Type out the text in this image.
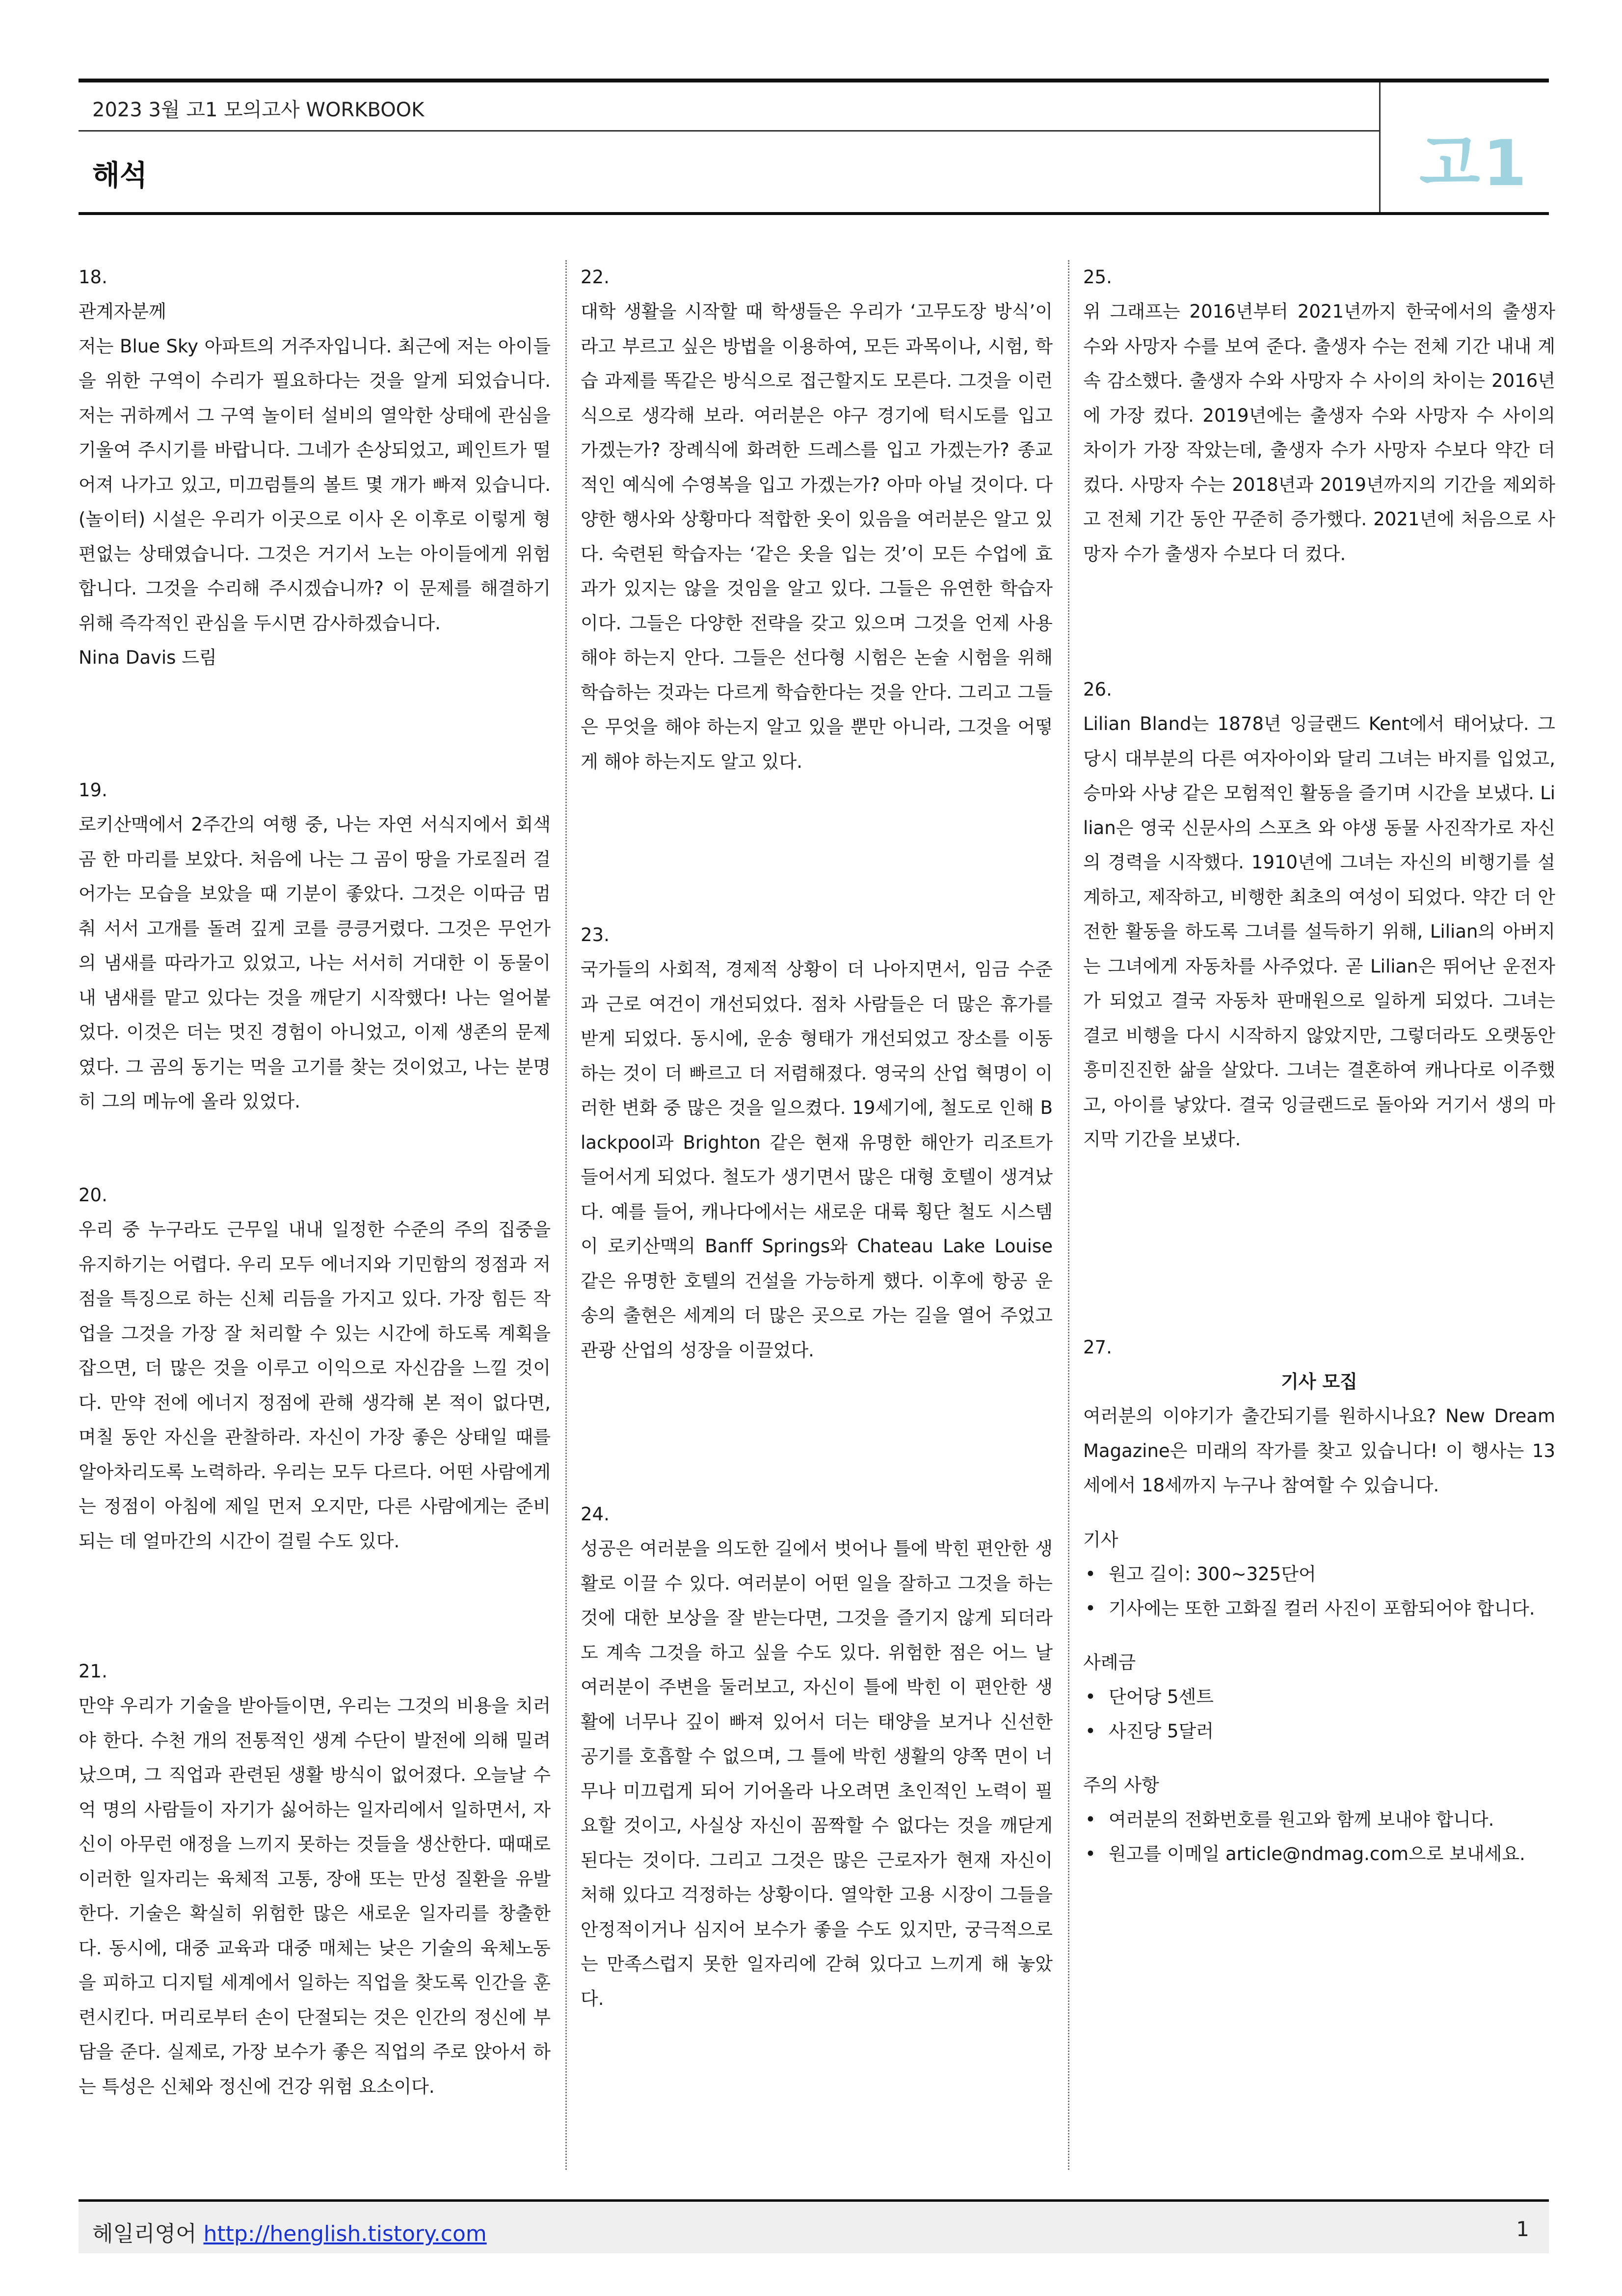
2023 3월 고1 모의고사 WORKBOOK
해석	고1
18.

관계자분께

저는 Blue Sky 아파트의 거주자입니다. 최근에 저는 아이들을 위한 구역이 수리가 필요하다는 것을 알게 되었습니다. 저는 귀하께서 그 구역 놀이터 설비의 열악한 상태에 관심을 기울여 주시기를 바랍니다. 그네가 손상되었고, 페인트가 떨어져 나가고 있고, 미끄럼틀의 볼트 몇 개가 빠져 있습니다. (놀이터) 시설은 우리가 이곳으로 이사 온 이후로 이렇게 형편없는 상태였습니다. 그것은 거기서 노는 아이들에게 위험합니다. 그것을 수리해 주시겠습니까? 이 문제를 해결하기 위해 즉각적인 관심을 두시면 감사하겠습니다.

Nina Davis 드림

19.
로키산맥에서 2주간의 여행 중, 나는 자연 서식지에서 회색곰 한 마리를 보았다. 처음에 나는 그 곰이 땅을 가로질러 걸어가는 모습을 보았을 때 기분이 좋았다. 그것은 이따금 멈춰 서서 고개를 돌려 깊게 코를 킁킁거렸다. 그것은 무언가의 냄새를 따라가고 있었고, 나는 서서히 거대한 이 동물이 내 냄새를 맡고 있다는 것을 깨닫기 시작했다! 나는 얼어붙었다. 이것은 더는 멋진 경험이 아니었고, 이제 생존의 문제였다. 그 곰의 동기는 먹을 고기를 찾는 것이었고, 나는 분명히 그의 메뉴에 올라 있었다.
20.
우리 중 누구라도 근무일 내내 일정한 수준의 주의 집중을 유지하기는 어렵다. 우리 모두 에너지와 기민함의 정점과 저점을 특징으로 하는 신체 리듬을 가지고 있다. 가장 힘든 작업을 그것을 가장 잘 처리할 수 있는 시간에 하도록 계획을 잡으면, 더 많은 것을 이루고 이익으로 자신감을 느낄 것이다. 만약 전에 에너지 정점에 관해 생각해 본 적이 없다면, 며칠 동안 자신을 관찰하라. 자신이 가장 좋은 상태일 때를 알아차리도록 노력하라. 우리는 모두 다르다. 어떤 사람에게는 정점이 아침에 제일 먼저 오지만, 다른 사람에게는 준비되는 데 얼마간의 시간이 걸릴 수도 있다.
21.
만약 우리가 기술을 받아들이면, 우리는 그것의 비용을 치러야 한다. 수천 개의 전통적인 생계 수단이 발전에 의해 밀려났으며, 그 직업과 관련된 생활 방식이 없어졌다. 오늘날 수억 명의 사람들이 자기가 싫어하는 일자리에서 일하면서, 자신이 아무런 애정을 느끼지 못하는 것들을 생산한다. 때때로 이러한 일자리는 육체적 고통, 장애 또는 만성 질환을 유발한다. 기술은 확실히 위험한 많은 새로운 일자리를 창출한다. 동시에, 대중 교육과 대중 매체는 낮은 기술의 육체노동을 피하고 디지털 세계에서 일하는 직업을 찾도록 인간을 훈련시킨다. 머리로부터 손이 단절되는 것은 인간의 정신에 부담을 준다. 실제로, 가장 보수가 좋은 직업의 주로 앉아서 하는 특성은 신체와 정신에 건강 위험 요소이다.
22.
대학 생활을 시작할 때 학생들은 우리가 ‘고무도장 방식’이라고 부르고 싶은 방법을 이용하여, 모든 과목이나, 시험, 학습 과제를 똑같은 방식으로 접근할지도 모른다. 그것을 이런 식으로 생각해 보라. 여러분은 야구 경기에 턱시도를 입고 가겠는가? 장례식에 화려한 드레스를 입고 가겠는가? 종교적인 예식에 수영복을 입고 가겠는가? 아마 아닐 것이다. 다양한 행사와 상황마다 적합한 옷이 있음을 여러분은 알고 있다. 숙련된 학습자는 ‘같은 옷을 입는 것’이 모든 수업에 효과가 있지는 않을 것임을 알고 있다. 그들은 유연한 학습자이다. 그들은 다양한 전략을 갖고 있으며 그것을 언제 사용해야 하는지 안다. 그들은 선다형 시험은 논술 시험을 위해 학습하는 것과는 다르게 학습한다는 것을 안다. 그리고 그들은 무엇을 해야 하는지 알고 있을 뿐만 아니라, 그것을 어떻게 해야 하는지도 알고 있다.
23.
국가들의 사회적, 경제적 상황이 더 나아지면서, 임금 수준과 근로 여건이 개선되었다. 점차 사람들은 더 많은 휴가를 받게 되었다. 동시에, 운송 형태가 개선되었고 장소를 이동하는 것이 더 빠르고 더 저렴해졌다. 영국의 산업 혁명이 이러한 변화 중 많은 것을 일으켰다. 19세기에, 철도로 인해 Blackpool과 Brighton 같은 현재 유명한 해안가 리조트가 들어서게 되었다. 철도가 생기면서 많은 대형 호텔이 생겨났다. 예를 들어, 캐나다에서는 새로운 대륙 횡단 철도 시스템이 로키산맥의 Banff Springs와 Chateau Lake Louise 같은 유명한 호텔의 건설을 가능하게 했다. 이후에 항공 운송의 출현은 세계의 더 많은 곳으로 가는 길을 열어 주었고 관광 산업의 성장을 이끌었다.
24.
성공은 여러분을 의도한 길에서 벗어나 틀에 박힌 편안한 생활로 이끌 수 있다. 여러분이 어떤 일을 잘하고 그것을 하는 것에 대한 보상을 잘 받는다면, 그것을 즐기지 않게 되더라도 계속 그것을 하고 싶을 수도 있다. 위험한 점은 어느 날 여러분이 주변을 둘러보고, 자신이 틀에 박힌 이 편안한 생활에 너무나 깊이 빠져 있어서 더는 태양을 보거나 신선한 공기를 호흡할 수 없으며, 그 틀에 박힌 생활의 양쪽 면이 너무나 미끄럽게 되어 기어올라 나오려면 초인적인 노력이 필요할 것이고, 사실상 자신이 꼼짝할 수 없다는 것을 깨닫게 된다는 것이다. 그리고 그것은 많은 근로자가 현재 자신이 처해 있다고 걱정하는 상황이다. 열악한 고용 시장이 그들을 안정적이거나 심지어 보수가 좋을 수도 있지만, 궁극적으로는 만족스럽지 못한 일자리에 갇혀 있다고 느끼게 해 놓았다.
25.
위 그래프는 2016년부터 2021년까지 한국에서의 출생자 수와 사망자 수를 보여 준다. 출생자 수는 전체 기간 내내 계속 감소했다. 출생자 수와 사망자 수 사이의 차이는 2016년에 가장 컸다. 2019년에는 출생자 수와 사망자 수 사이의 차이가 가장 작았는데, 출생자 수가 사망자 수보다 약간 더 컸다. 사망자 수는 2018년과 2019년까지의 기간을 제외하고 전체 기간 동안 꾸준히 증가했다. 2021년에 처음으로 사망자 수가 출생자 수보다 더 컸다.
26.
Lilian Bland는 1878년 잉글랜드 Kent에서 태어났다. 그 당시 대부분의 다른 여자아이와 달리 그녀는 바지를 입었고, 승마와 사냥 같은 모험적인 활동을 즐기며 시간을 보냈다. Lilian은 영국 신문사의 스포츠 와 야생 동물 사진작가로 자신의 경력을 시작했다. 1910년에 그녀는 자신의 비행기를 설계하고, 제작하고, 비행한 최초의 여성이 되었다. 약간 더 안전한 활동을 하도록 그녀를 설득하기 위해, Lilian의 아버지는 그녀에게 자동차를 사주었다. 곧 Lilian은 뛰어난 운전자가 되었고 결국 자동차 판매원으로 일하게 되었다. 그녀는 결코 비행을 다시 시작하지 않았지만, 그렇더라도 오랫동안 흥미진진한 삶을 살았다. 그녀는 결혼하여 캐나다로 이주했고, 아이를 낳았다. 결국 잉글랜드로 돌아와 거기서 생의 마지막 기간을 보냈다.
27.
기사 모집
여러분의 이야기가 출간되기를 원하시나요? New Dream Magazine은 미래의 작가를 찾고 있습니다! 이 행사는 13세에서 18세까지 누구나 참여할 수 있습니다.
기사
• 원고 길이: 300~325단어
• 기사에는 또한 고화질 컬러 사진이 포함되어야 합니다.
사례금
• 단어당 5센트
• 사진당 5달러
주의 사항
• 여러분의 전화번호를 원고와 함께 보내야 합니다.
• 원고를 이메일 article@ndmag.com으로 보내세요.
헤일리영어 http://henglish.tistory.com	1
